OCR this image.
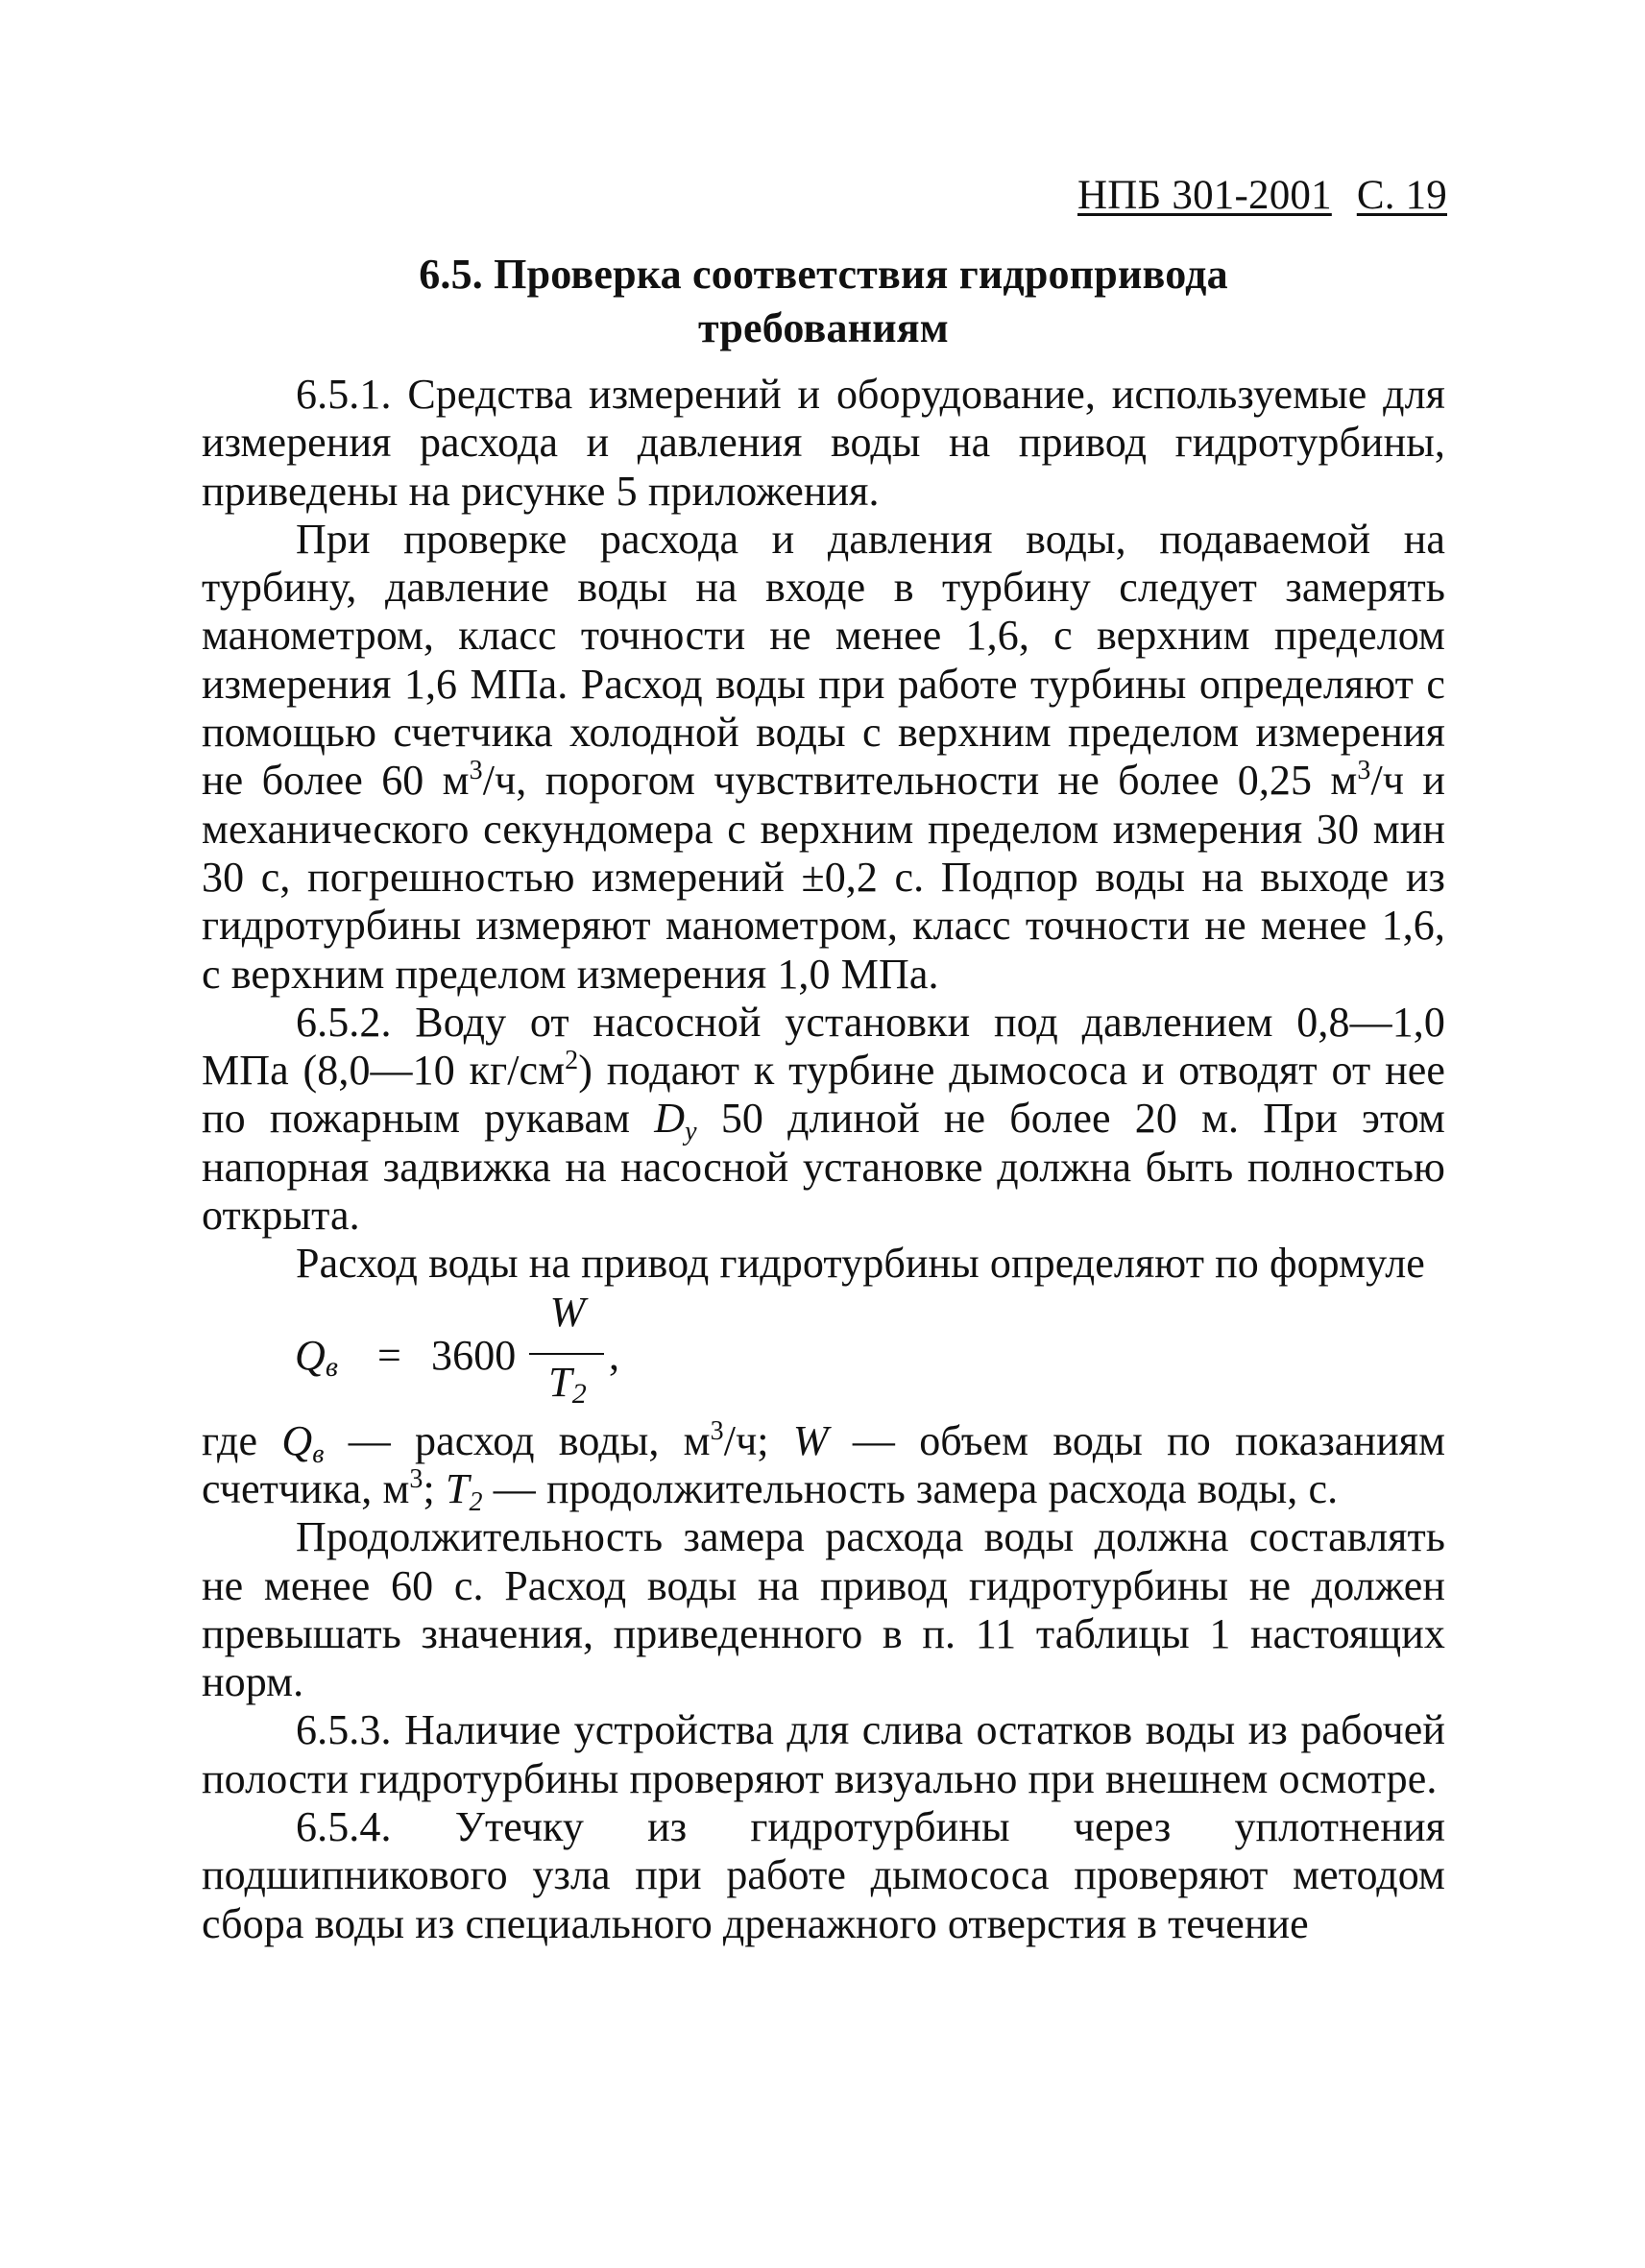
НПБ 301-2001 С. 19
6.5. Проверка соответствия гидропривода
требованиям

6.5.1. Средства измерений и оборудование, используемые для измерения расхода и давления воды на привод гидротурбины, приведены на рисунке 5 приложения.

При проверке расхода и давления воды, подаваемой на турбину, давление воды на входе в турбину следует замерять манометром, класс точности не менее 1,6, с верхним пределом измерения 1,6 МПа. Расход воды при работе турбины определяют с помощью счетчика холодной воды с верхним пределом измерения не более 60 $м^3/ч$, порогом чувствительности не более 0,25 $м^3/ч$ и механического секундомера с верхним пределом измерения 30 мин 30 с, погрешностью измерений ±0,2 с. Подпор воды на выходе из гидротурбины измеряют манометром, класс точности не менее 1,6, с верхним пределом измерения 1,0 МПа.

6.5.2. Воду от насосной установки под давлением 0,8—1,0 МПа (8,0—10 $кг/см^2$) подают к турбине дымососа и отводят от нее по пожарным рукавам $D_y$ 50 длиной не более 20 м. При этом напорная задвижка на насосной установке должна быть полностью открыта.

Расход воды на привод гидротурбины определяют по формуле

Qв = 3600
W
T2
,

где $Q_в$ — расход воды, $м^3/ч$; W — объем воды по показаниям счетчика, $м^3$; $T_2$ — продолжительность замера расхода воды, с.

Продолжительность замера расхода воды должна составлять не менее 60 с. Расход воды на привод гидротурбины не должен превышать значения, приведенного в п. 11 таблицы 1 настоящих норм.

6.5.3. Наличие устройства для слива остатков воды из рабочей полости гидротурбины проверяют визуально при внешнем осмотре.

6.5.4. Утечку из гидротурбины через уплотнения подшипникового узла при работе дымососа проверяют методом сбора воды из специального дренажного отверстия в течение
